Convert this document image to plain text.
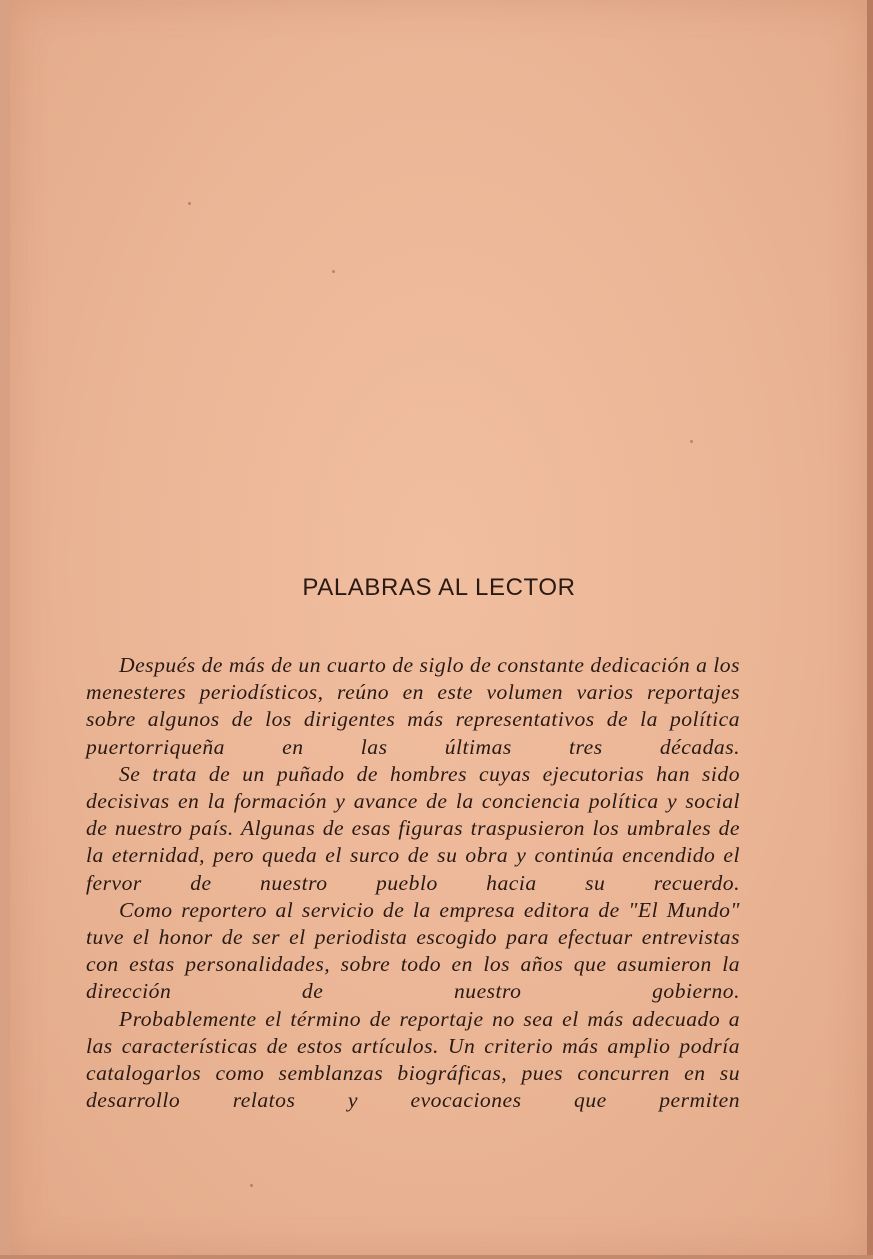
PALABRAS AL LECTOR

Después de más de un cuarto de siglo de constante dedicación a los menesteres periodísticos, reúno en este volumen varios reportajes sobre algunos de los dirigentes más representativos de la política puertorriqueña en las últimas tres décadas.

Se trata de un puñado de hombres cuyas ejecutorias han sido decisivas en la formación y avance de la conciencia política y social de nuestro país. Algunas de esas figuras traspusieron los umbrales de la eternidad, pero queda el surco de su obra y continúa encendido el fervor de nuestro pueblo hacia su recuerdo.

Como reportero al servicio de la empresa editora de "El Mundo" tuve el honor de ser el periodista escogido para efectuar entrevistas con estas personalidades, sobre todo en los años que asumieron la dirección de nuestro gobierno.

Probablemente el término de reportaje no sea el más adecuado a las características de estos artículos. Un criterio más amplio podría catalogarlos como semblanzas biográficas, pues concurren en su desarrollo relatos y evocaciones que permiten
